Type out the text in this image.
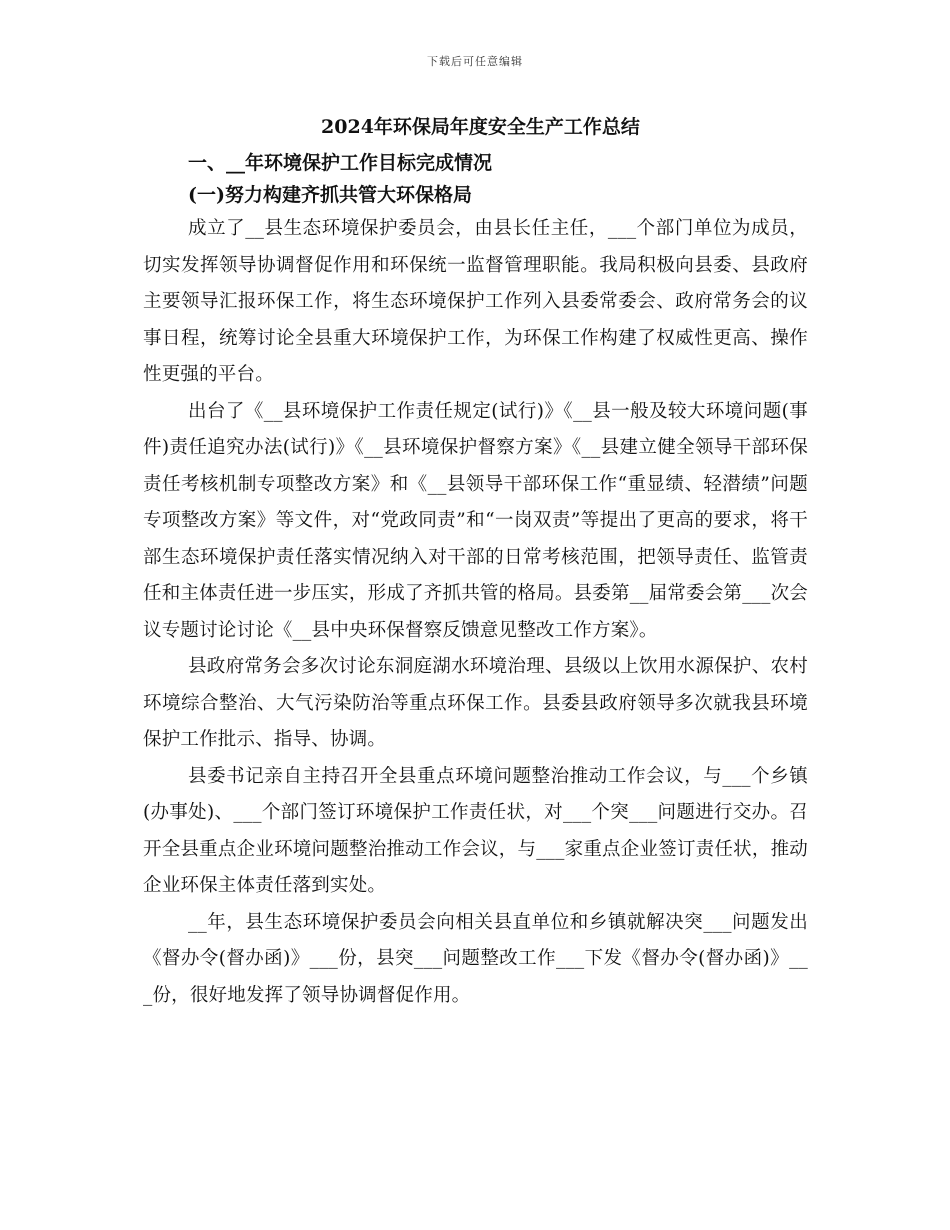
下载后可任意编辑
2024年环保局年度安全生产工作总结
一、__年环境保护工作目标完成情况
(一)努力构建齐抓共管大环保格局

成立了__县生态环境保护委员会，由县长任主任，___个部门单位为成员，切实发挥领导协调督促作用和环保统一监督管理职能。我局积极向县委、县政府主要领导汇报环保工作，将生态环境保护工作列入县委常委会、政府常务会的议事日程，统筹讨论全县重大环境保护工作，为环保工作构建了权威性更高、操作性更强的平台。

出台了《__县环境保护工作责任规定(试行)》《__县一般及较大环境问题(事件)责任追究办法(试行)》《__县环境保护督察方案》《__县建立健全领导干部环保责任考核机制专项整改方案》和《__县领导干部环保工作“重显绩、轻潜绩”问题专项整改方案》等文件，对“党政同责”和“一岗双责”等提出了更高的要求，将干部生态环境保护责任落实情况纳入对干部的日常考核范围，把领导责任、监管责任和主体责任进一步压实，形成了齐抓共管的格局。县委第__届常委会第___次会议专题讨论讨论《__县中央环保督察反馈意见整改工作方案》。

县政府常务会多次讨论东洞庭湖水环境治理、县级以上饮用水源保护、农村环境综合整治、大气污染防治等重点环保工作。县委县政府领导多次就我县环境保护工作批示、指导、协调。

县委书记亲自主持召开全县重点环境问题整治推动工作会议，与___个乡镇(办事处)、___个部门签订环境保护工作责任状，对___个突___问题进行交办。召开全县重点企业环境问题整治推动工作会议，与___家重点企业签订责任状，推动企业环保主体责任落到实处。

__年，县生态环境保护委员会向相关县直单位和乡镇就解决突___问题发出《督办令(督办函)》___份，县突___问题整改工作___下发《督办令(督办函)》___份，很好地发挥了领导协调督促作用。
